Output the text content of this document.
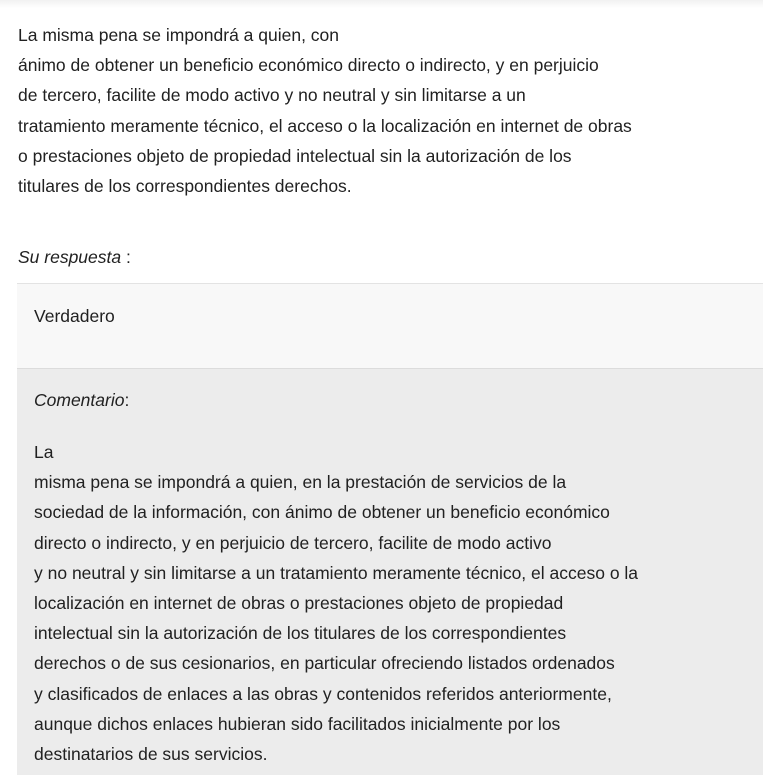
La misma pena se impondrá a quien, con
ánimo de obtener un beneficio económico directo o indirecto, y en perjuicio
de tercero, facilite de modo activo y no neutral y sin limitarse a un
tratamiento meramente técnico, el acceso o la localización en internet de obras
o prestaciones objeto de propiedad intelectual sin la autorización de los
titulares de los correspondientes derechos.

Su respuesta :

Verdadero
Comentario:
La
misma pena se impondrá a quien, en la prestación de servicios de la
sociedad de la información, con ánimo de obtener un beneficio económico
directo o indirecto, y en perjuicio de tercero, facilite de modo activo
y no neutral y sin limitarse a un tratamiento meramente técnico, el acceso o la
localización en internet de obras o prestaciones objeto de propiedad
intelectual sin la autorización de los titulares de los correspondientes
derechos o de sus cesionarios, en particular ofreciendo listados ordenados
y clasificados de enlaces a las obras y contenidos referidos anteriormente,
aunque dichos enlaces hubieran sido facilitados inicialmente por los
destinatarios de sus servicios.
